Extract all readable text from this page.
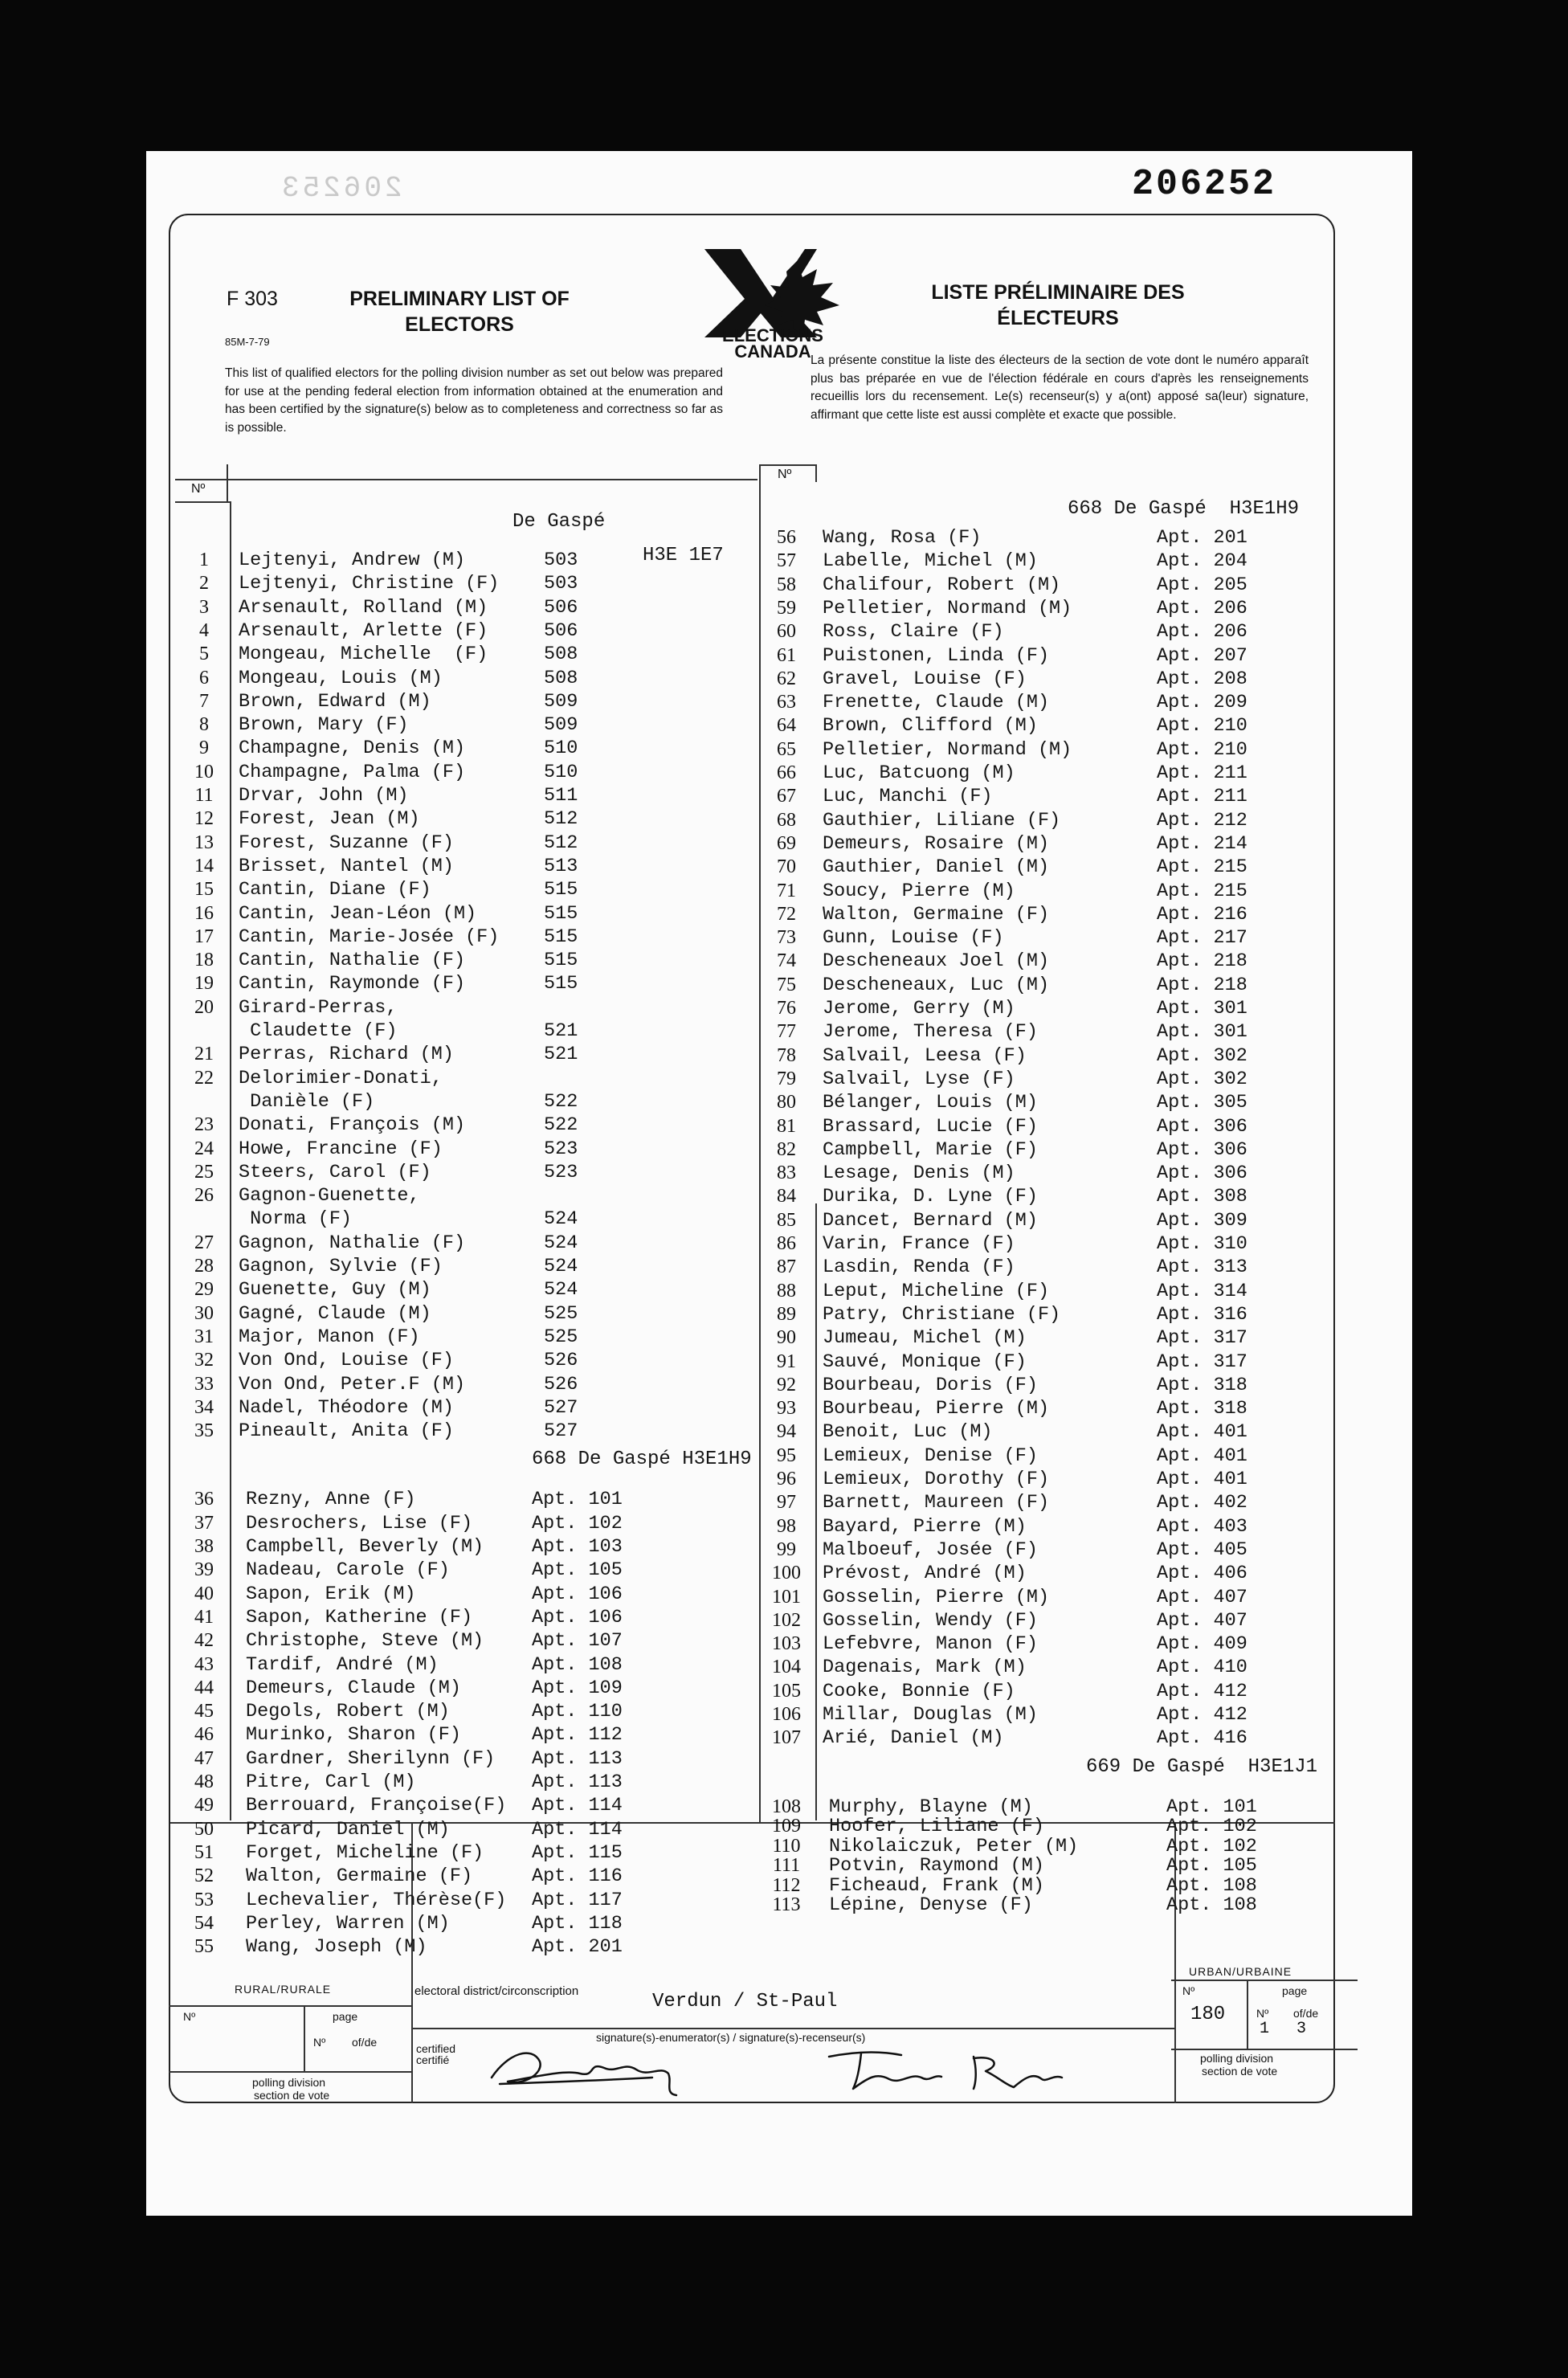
206252
206253
F 303
85M-7-79
PRELIMINARY LIST OF ELECTORS
LISTE PRÉLIMINAIRE DES ÉLECTEURS
ELECTIONS
CANADA
This list of qualified electors for the polling division number as set out below was prepared for use at the pending federal election from information obtained at the enumeration and has been certified by the signature(s) below as to completeness and correctness so far as is possible.
La présente constitue la liste des électeurs de la section de vote dont le numéro apparaît plus bas préparée en vue de l'élection fédérale en cours d'après les renseignements recueillis lors du recensement. Le(s) recenseur(s) y a(ont) apposé sa(leur) signature, affirmant que cette liste est aussi complète et exacte que possible.
Nº
Nº
De Gaspé
H3E 1E7
668 De Gaspé H3E1H9
668 De Gaspé  H3E1H9
669 De Gaspé  H3E1J1
RURAL/RURALE
Nº	page
Nº of/de
polling division
section de vote
electoral district/circonscription	Verdun / St-Paul
certified
certifié
signature(s)-enumerator(s) / signature(s)-recenseur(s)
URBAN/URBAINE
Nº	page
180	Nº of/de
1 3
polling division
section de vote
1	Lejtenyi, Andrew (M)	503
2	Lejtenyi, Christine (F) 503
3	Arsenault, Rolland (M)	506
4	Arsenault, Arlette (F)	506
5	Mongeau, Michelle  (F)	508
6	Mongeau, Louis (M)	508
7	Brown, Edward (M)	509
8	Brown, Mary (F)	509
9	Champagne, Denis (M)	510
10	Champagne, Palma (F)	510
11	Drvar, John (M)	511
12	Forest, Jean (M)	512
13	Forest, Suzanne (F)	512
14	Brisset, Nantel (M)	513
15	Cantin, Diane (F)	515
16	Cantin, Jean-Léon (M)	515
17	Cantin, Marie-Josée (F) 515
18	Cantin, Nathalie (F)	515
19	Cantin, Raymonde (F)	515
20	Girard-Perras,
Claudette (F)	521
21	Perras, Richard (M)	521
22	Delorimier-Donati,
Danièle (F)	522
23	Donati, François (M)	522
24	Howe, Francine (F)	523
25	Steers, Carol (F)	523
26	Gagnon-Guenette,
Norma (F)	524
27	Gagnon, Nathalie (F)	524
28	Gagnon, Sylvie (F)	524
29	Guenette, Guy (M)	524
30	Gagné, Claude (M)	525
31	Major, Manon (F)	525
32	Von Ond, Louise (F)	526
33	Von Ond, Peter.F (M)	526
34	Nadel, Théodore (M)	527
35	Pineault, Anita (F)	527
36	Rezny, Anne (F)	Apt. 101
37	Desrochers, Lise (F)	Apt. 102
38	Campbell, Beverly (M)	Apt. 103
39	Nadeau, Carole (F)	Apt. 105
40	Sapon, Erik (M)	Apt. 106
41	Sapon, Katherine (F)	Apt. 106
42	Christophe, Steve (M)	Apt. 107
43	Tardif, André (M)	Apt. 108
44	Demeurs, Claude (M)	Apt. 109
45	Degols, Robert (M)	Apt. 110
46	Murinko, Sharon (F)	Apt. 112
47	Gardner, Sherilynn (F) Apt. 113
48	Pitre, Carl (M)	Apt. 113
49	Berrouard, Françoise(F) Apt. 114
50	Picard, Daniel (M)	Apt. 114
51	Forget, Micheline (F)	Apt. 115
52	Walton, Germaine (F)	Apt. 116
53	Lechevalier, Thérèse(F) Apt. 117
54	Perley, Warren (M)	Apt. 118
55	Wang, Joseph (M)	Apt. 201
56	Wang, Rosa (F)	Apt. 201
57	Labelle, Michel (M)	Apt. 204
58	Chalifour, Robert (M)	Apt. 205
59	Pelletier, Normand (M)	Apt. 206
60	Ross, Claire (F)	Apt. 206
61	Puistonen, Linda (F)	Apt. 207
62	Gravel, Louise (F)	Apt. 208
63	Frenette, Claude (M)	Apt. 209
64	Brown, Clifford (M)	Apt. 210
65	Pelletier, Normand (M)	Apt. 210
66	Luc, Batcuong (M)	Apt. 211
67	Luc, Manchi (F)	Apt. 211
68	Gauthier, Liliane (F)	Apt. 212
69	Demeurs, Rosaire (M)	Apt. 214
70	Gauthier, Daniel (M)	Apt. 215
71	Soucy, Pierre (M)	Apt. 215
72	Walton, Germaine (F)	Apt. 216
73	Gunn, Louise (F)	Apt. 217
74	Descheneaux Joel (M)	Apt. 218
75	Descheneaux, Luc (M)	Apt. 218
76	Jerome, Gerry (M)	Apt. 301
77	Jerome, Theresa (F)	Apt. 301
78	Salvail, Leesa (F)	Apt. 302
79	Salvail, Lyse (F)	Apt. 302
80	Bélanger, Louis (M)	Apt. 305
81	Brassard, Lucie (F)	Apt. 306
82	Campbell, Marie (F)	Apt. 306
83	Lesage, Denis (M)	Apt. 306
84	Durika, D. Lyne (F)	Apt. 308
85	Dancet, Bernard (M)	Apt. 309
86	Varin, France (F)	Apt. 310
87	Lasdin, Renda (F)	Apt. 313
88	Leput, Micheline (F)	Apt. 314
89	Patry, Christiane (F)	Apt. 316
90	Jumeau, Michel (M)	Apt. 317
91	Sauvé, Monique (F)	Apt. 317
92	Bourbeau, Doris (F)	Apt. 318
93	Bourbeau, Pierre (M)	Apt. 318
94	Benoit, Luc (M)	Apt. 401
95	Lemieux, Denise (F)	Apt. 401
96	Lemieux, Dorothy (F)	Apt. 401
97	Barnett, Maureen (F)	Apt. 402
98	Bayard, Pierre (M)	Apt. 403
99	Malboeuf, Josée (F)	Apt. 405
100 Prévost, André (M)	Apt. 406
101 Gosselin, Pierre (M)	Apt. 407
102 Gosselin, Wendy (F)	Apt. 407
103 Lefebvre, Manon (F)	Apt. 409
104 Dagenais, Mark (M)	Apt. 410
105 Cooke, Bonnie (F)	Apt. 412
106 Millar, Douglas (M)	Apt. 412
107 Arié, Daniel (M)	Apt. 416
108 Murphy, Blayne (M)	Apt. 101
109 Hoofer, Liliane (F)	Apt. 102
110 Nikolaiczuk, Peter (M)	Apt. 102
111 Potvin, Raymond (M)	Apt. 105
112 Ficheaud, Frank (M)	Apt. 108
113 Lépine, Denyse (F)	Apt. 108
